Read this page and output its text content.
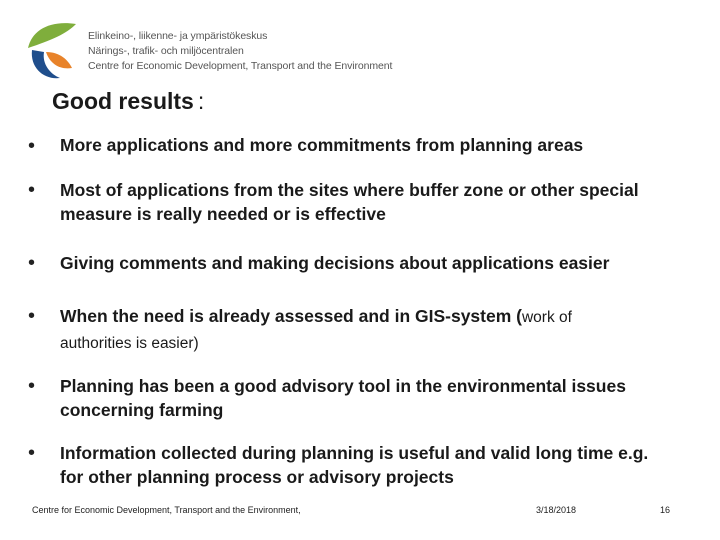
Elinkeino-, liikenne- ja ympäristökeskus
Närings-, trafik- och miljöcentralen
Centre for Economic Development, Transport and the Environment
Good results :
• More applications and more commitments from planning areas
• Most of applications from the sites where buffer zone or other special measure is really needed or is effective
• Giving comments and making decisions about applications easier
• When the need is already assessed and in GIS-system (work of
authorities is easier)
• Planning has been a good advisory tool in the environmental issues concerning farming
• Information collected during planning is useful and valid long time e.g. for other planning process or advisory projects
Centre for Economic Development, Transport and the Environment,	3/18/2018	16
